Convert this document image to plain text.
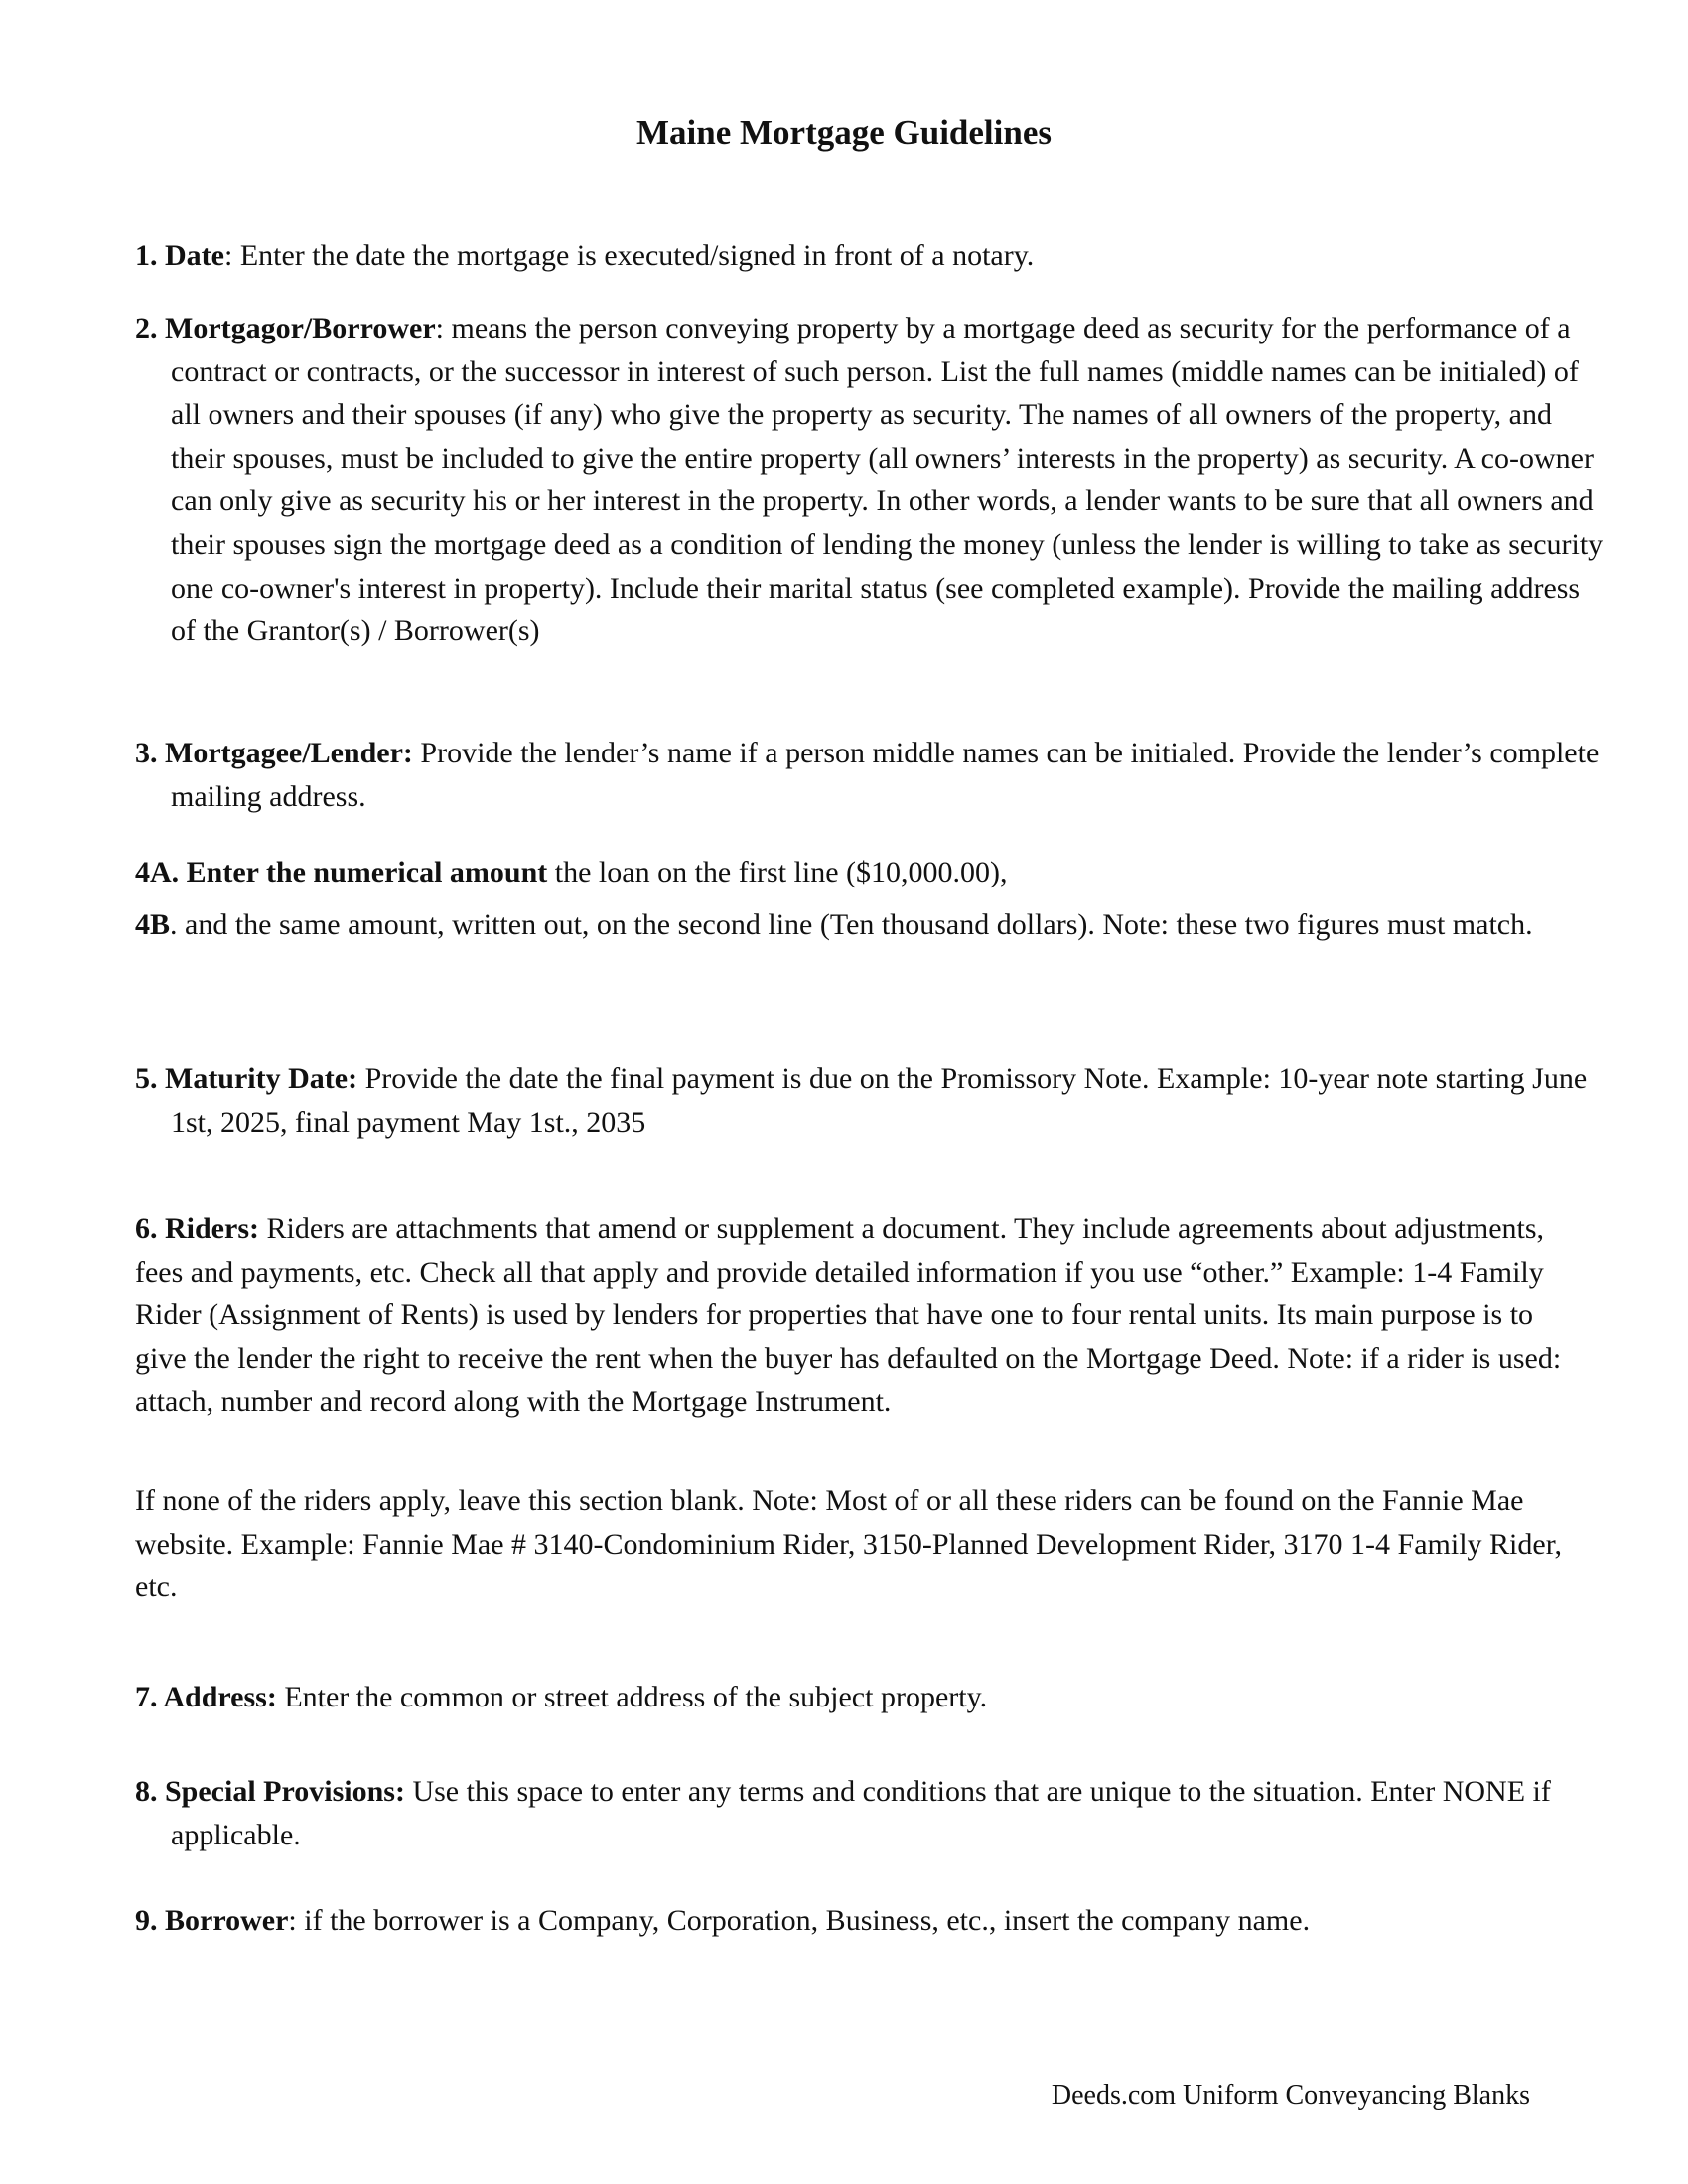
Maine Mortgage Guidelines

1. Date: Enter the date the mortgage is executed/signed in front of a notary.

2. Mortgagor/Borrower: means the person conveying property by a mortgage deed as security for the performance of a contract or contracts, or the successor in interest of such person. List the full names (middle names can be initialed) of all owners and their spouses (if any) who give the property as security. The names of all owners of the property, and their spouses, must be included to give the entire property (all owners’ interests in the property) as security. A co-owner can only give as security his or her interest in the property. In other words, a lender wants to be sure that all owners and their spouses sign the mortgage deed as a condition of lending the money (unless the lender is willing to take as security one co-owner's interest in property). Include their marital status (see completed example). Provide the mailing address of the Grantor(s) / Borrower(s)

3. Mortgagee/Lender: Provide the lender’s name if a person middle names can be initialed. Provide the lender’s complete mailing address.

4A. Enter the numerical amount the loan on the first line ($10,000.00),

4B. and the same amount, written out, on the second line (Ten thousand dollars). Note: these two figures must match.

5. Maturity Date: Provide the date the final payment is due on the Promissory Note. Example: 10-year note starting June 1st, 2025, final payment May 1st., 2035

6. Riders: Riders are attachments that amend or supplement a document. They include agreements about adjustments, fees and payments, etc. Check all that apply and provide detailed information if you use “other.” Example: 1-4 Family Rider (Assignment of Rents) is used by lenders for properties that have one to four rental units. Its main purpose is to give the lender the right to receive the rent when the buyer has defaulted on the Mortgage Deed. Note: if a rider is used: attach, number and record along with the Mortgage Instrument.

If none of the riders apply, leave this section blank. Note: Most of or all these riders can be found on the Fannie Mae website. Example: Fannie Mae # 3140-Condominium Rider, 3150-Planned Development Rider, 3170 1-4 Family Rider, etc.

7. Address: Enter the common or street address of the subject property.

8. Special Provisions: Use this space to enter any terms and conditions that are unique to the situation. Enter NONE if applicable.

9. Borrower: if the borrower is a Company, Corporation, Business, etc., insert the company name.

Deeds.com Uniform Conveyancing Blanks
